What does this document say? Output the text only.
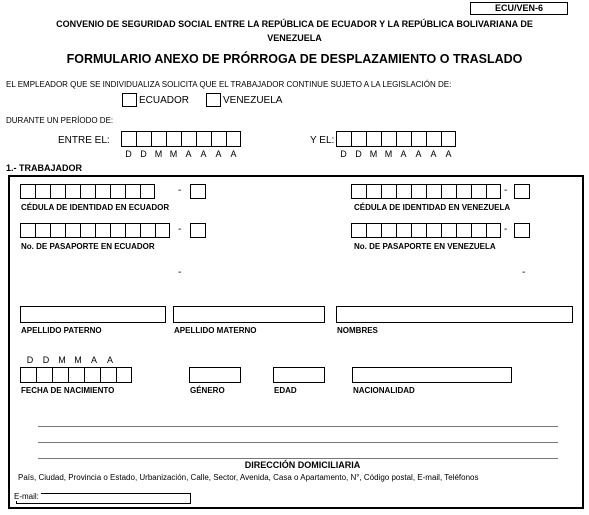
ECU/VEN-6
CONVENIO DE SEGURIDAD SOCIAL ENTRE LA REPÚBLICA DE ECUADOR Y LA REPÚBLICA BOLIVARIANA DE
VENEZUELA
FORMULARIO ANEXO DE PRÓRROGA DE DESPLAZAMIENTO O TRASLADO
EL EMPLEADOR QUE SE INDIVIDUALIZA SOLICITA QUE EL TRABAJADOR CONTINUE SUJETO A LA LEGISLACIÓN DE:
ECUADOR	VENEZUELA
DURANTE UN PERÍODO DE:
ENTRE EL:
D D M M A A A A
Y EL:
D D M M A A A A
1.- TRABAJADOR
-
CÉDULA DE IDENTIDAD EN ECUADOR
-
CÉDULA DE IDENTIDAD EN VENEZUELA
-
No. DE PASAPORTE EN ECUADOR
-
No. DE PASAPORTE EN VENEZUELA
-	-
APELLIDO PATERNO	APELLIDO MATERNO	NOMBRES
D	D	M M	A	A
FECHA DE NACIMIENTO	GÉNERO	EDAD	NACIONALIDAD
DIRECCIÓN DOMICILIARIA
País, Ciudad, Provincia o Estado, Urbanización, Calle, Sector, Avenida, Casa o Apartamento, N°, Código postal, E-mail, Teléfonos
E-mail:
